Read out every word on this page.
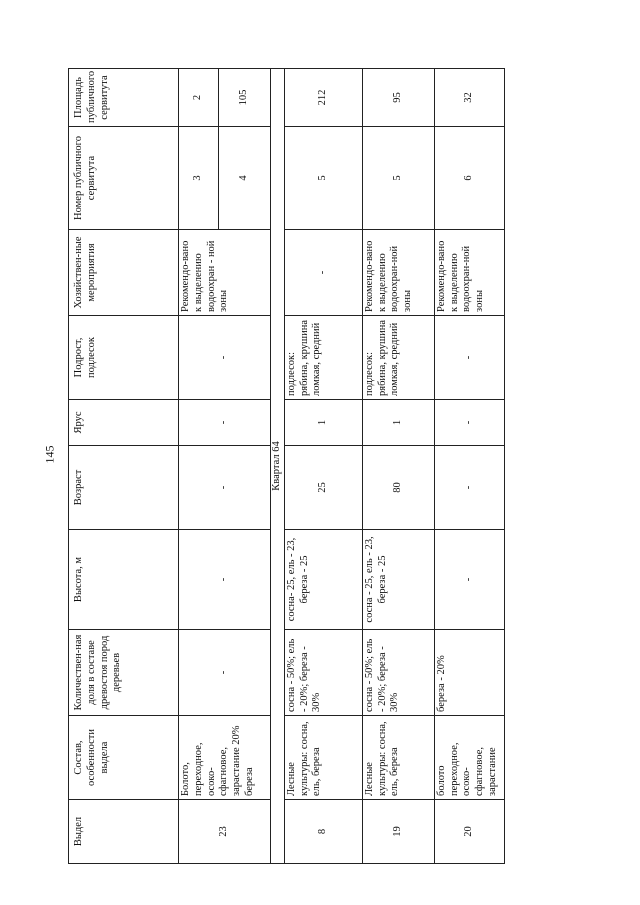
145
Выдел	Состав, особенности выдела	Количествен-ная доля в составе древостоя пород деревьев	Высота, м	Возраст	Ярус	Подрост, подлесок	Хозяйствен-ные мероприятия	Номер публичного сервитута	Площадь публичного сервитута
23	Болото, переходное, осоко-сфагновое, зарастание 20% береза	-	-	-	-	-	Рекомендо-вано к выделению водоохран - ной зоны	3	2
								4	105
Квартал 64									
8	Лесные культуры: сосна, ель, береза	сосна - 50%; ель - 20%; береза - 30%	сосна- 25, ель - 23, береза - 25	25	1	подлесок: рябина, крушина ломкая, средний	-	5	212
19	Лесные культуры: сосна, ель, береза	сосна - 50%; ель - 20%; береза - 30%	сосна - 25, ель - 23, береза - 25	80	1	подлесок: рябина, крушина ломкая, средний	Рекомендо-вано к выделению водоохран-ной зоны	5	95
20	болото переходное, осоко-сфагновое, зарастание	береза - 20%	-	-	-	-	Рекомендо-вано к выделению водоохран-ной зоны	6	32
